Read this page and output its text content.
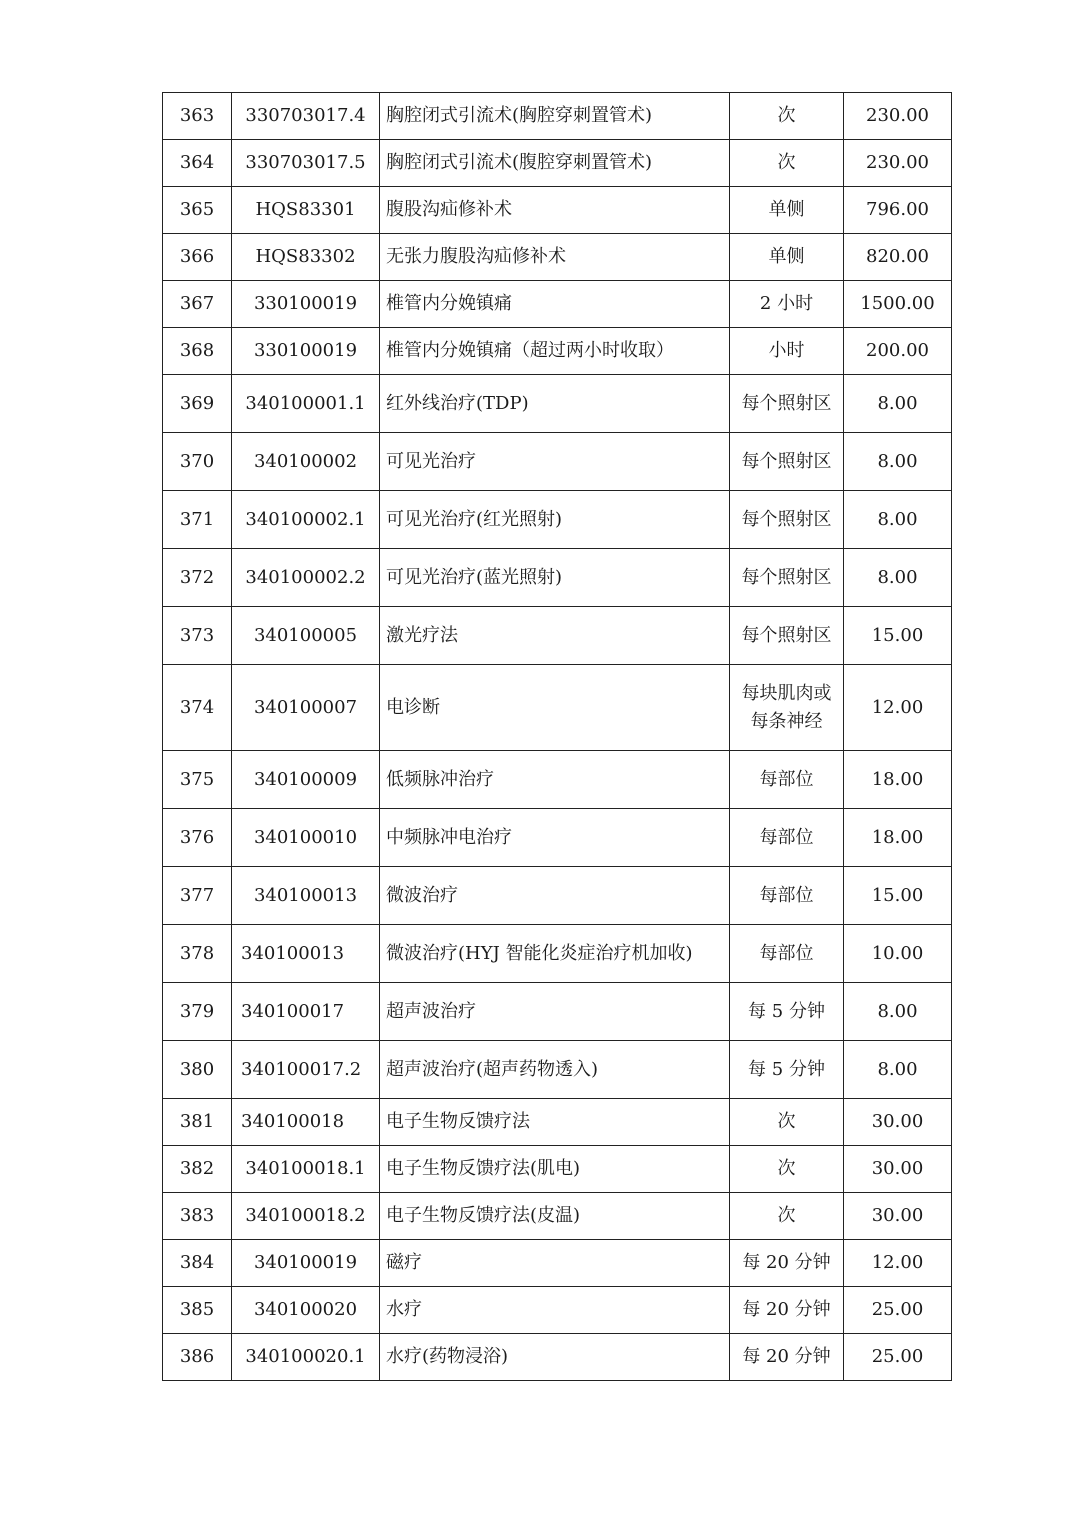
363	330703017.4	胸腔闭式引流术(胸腔穿刺置管术)	次	230.00
364	330703017.5	胸腔闭式引流术(腹腔穿刺置管术)	次	230.00
365	HQS83301	腹股沟疝修补术	单侧	796.00
366	HQS83302	无张力腹股沟疝修补术	单侧	820.00
367	330100019	椎管内分娩镇痛	2 小时	1500.00
368	330100019	椎管内分娩镇痛（超过两小时收取）	小时	200.00
369	340100001.1	红外线治疗(TDP)	每个照射区	8.00
370	340100002	可见光治疗	每个照射区	8.00
371	340100002.1	可见光治疗(红光照射)	每个照射区	8.00
372	340100002.2	可见光治疗(蓝光照射)	每个照射区	8.00
373	340100005	激光疗法	每个照射区	15.00
374	340100007	电诊断	每块肌肉或每条神经	12.00
375	340100009	低频脉冲治疗	每部位	18.00
376	340100010	中频脉冲电治疗	每部位	18.00
377	340100013	微波治疗	每部位	15.00
378	340100013	微波治疗(HYJ 智能化炎症治疗机加收)	每部位	10.00
379	340100017	超声波治疗	每 5 分钟	8.00
380	340100017.2	超声波治疗(超声药物透入)	每 5 分钟	8.00
381	340100018	电子生物反馈疗法	次	30.00
382	340100018.1	电子生物反馈疗法(肌电)	次	30.00
383	340100018.2	电子生物反馈疗法(皮温)	次	30.00
384	340100019	磁疗	每 20 分钟	12.00
385	340100020	水疗	每 20 分钟	25.00
386	340100020.1	水疗(药物浸浴)	每 20 分钟	25.00
